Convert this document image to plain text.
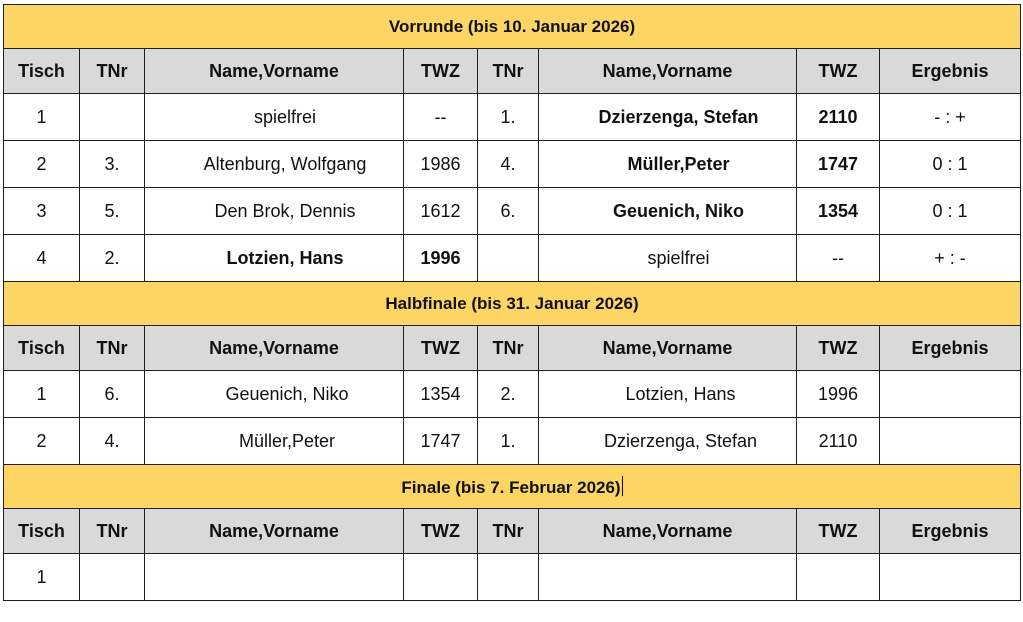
Vorrunde (bis 10. Januar 2026)							
Tisch	TNr	Name,Vorname	TWZ	TNr	Name,Vorname	TWZ	Ergebnis
1		spielfrei	--	1.	Dzierzenga, Stefan	2110	- : +
2	3.	Altenburg, Wolfgang	1986	4.	Müller,Peter	1747	0 : 1
3	5.	Den Brok, Dennis	1612	6.	Geuenich, Niko	1354	0 : 1
4	2.	Lotzien, Hans	1996		spielfrei	--	+ : -
Halbfinale (bis 31. Januar 2026)							
Tisch	TNr	Name,Vorname	TWZ	TNr	Name,Vorname	TWZ	Ergebnis
1	6.	Geuenich, Niko	1354	2.	Lotzien, Hans	1996	
2	4.	Müller,Peter	1747	1.	Dzierzenga, Stefan	2110	
Finale (bis 7. Februar 2026)							
Tisch	TNr	Name,Vorname	TWZ	TNr	Name,Vorname	TWZ	Ergebnis
1							
